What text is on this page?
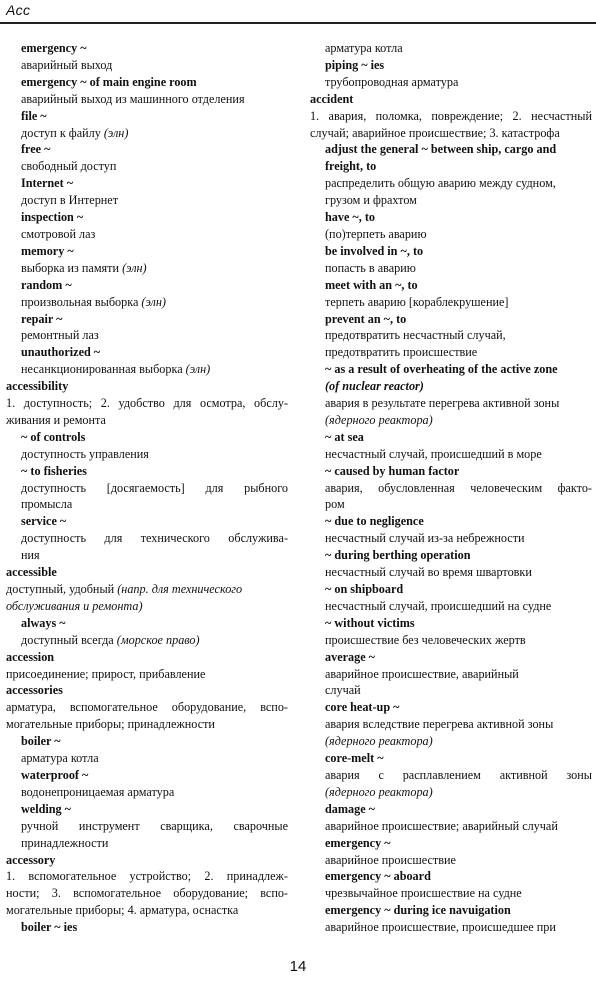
Acc
emergency ~
аварийный выход
emergency ~ of main engine room
аварийный выход из машинного отделения
file ~
доступ к файлу (элн)
free ~
свободный доступ
Internet ~
доступ в Интернет
inspection ~
смотровой лаз
memory ~
выборка из памяти (элн)
random ~
произвольная выборка (элн)
repair ~
ремонтный лаз
unauthorized ~
несанкционированная выборка (элн)
accessibility
1. доступность; 2. удобство для осмотра, обслу-
живания и ремонта
~ of controls
доступность управления
~ to fisheries
доступность [досягаемость] для рыбного
промысла
service ~
доступность для технического обслужива-
ния
accessible
доступный, удобный (напр. для технического
обслуживания и ремонта)
always ~
доступный всегда (морское право)
accession
присоединение; прирост, прибавление
accessories
арматура, вспомогательное оборудование, вспо-
могательные приборы; принадлежности
boiler ~
арматура котла
waterproof ~
водонепроницаемая арматура
welding ~
ручной инструмент сварщика, сварочные
принадлежности
accessory
1. вспомогательное устройство; 2. принадлеж-
ности; 3. вспомогательное оборудование; вспо-
могательные приборы; 4. арматура, оснастка
boiler ~ ies
арматура котла
piping ~ ies
трубопроводная арматура
accident
1. авария, поломка, повреждение; 2. несчастный
случай; аварийное происшествие; 3. катастрофа
adjust the general ~ between ship, cargo and
freight, to
распределить общую аварию между судном,
грузом и фрахтом
have ~, to
(по)терпеть аварию
be involved in ~, to
попасть в аварию
meet with an ~, to
терпеть аварию [кораблекрушение]
prevent an ~, to
предотвратить несчастный случай,
предотвратить происшествие
~ as a result of overheating of the active zone
(of nuclear reactor)
авария в результате перегрева активной зоны
(ядерного реактора)
~ at sea
несчастный случай, происшедший в море
~ caused by human factor
авария, обусловленная человеческим факто-
ром
~ due to negligence
несчастный случай из-за небрежности
~ during berthing operation
несчастный случай во время швартовки
~ on shipboard
несчастный случай, происшедший на судне
~ without victims
происшествие без человеческих жертв
average ~
аварийное происшествие, аварийный
случай
core heat-up ~
авария вследствие перегрева активной зоны
(ядерного реактора)
core-melt ~
авария с расплавлением активной зоны
(ядерного реактора)
damage ~
аварийное происшествие; аварийный случай
emergency ~
аварийное происшествие
emergency ~ aboard
чрезвычайное происшествие на судне
emergency ~ during ice navuigation
аварийное происшествие, происшедшее при
14
